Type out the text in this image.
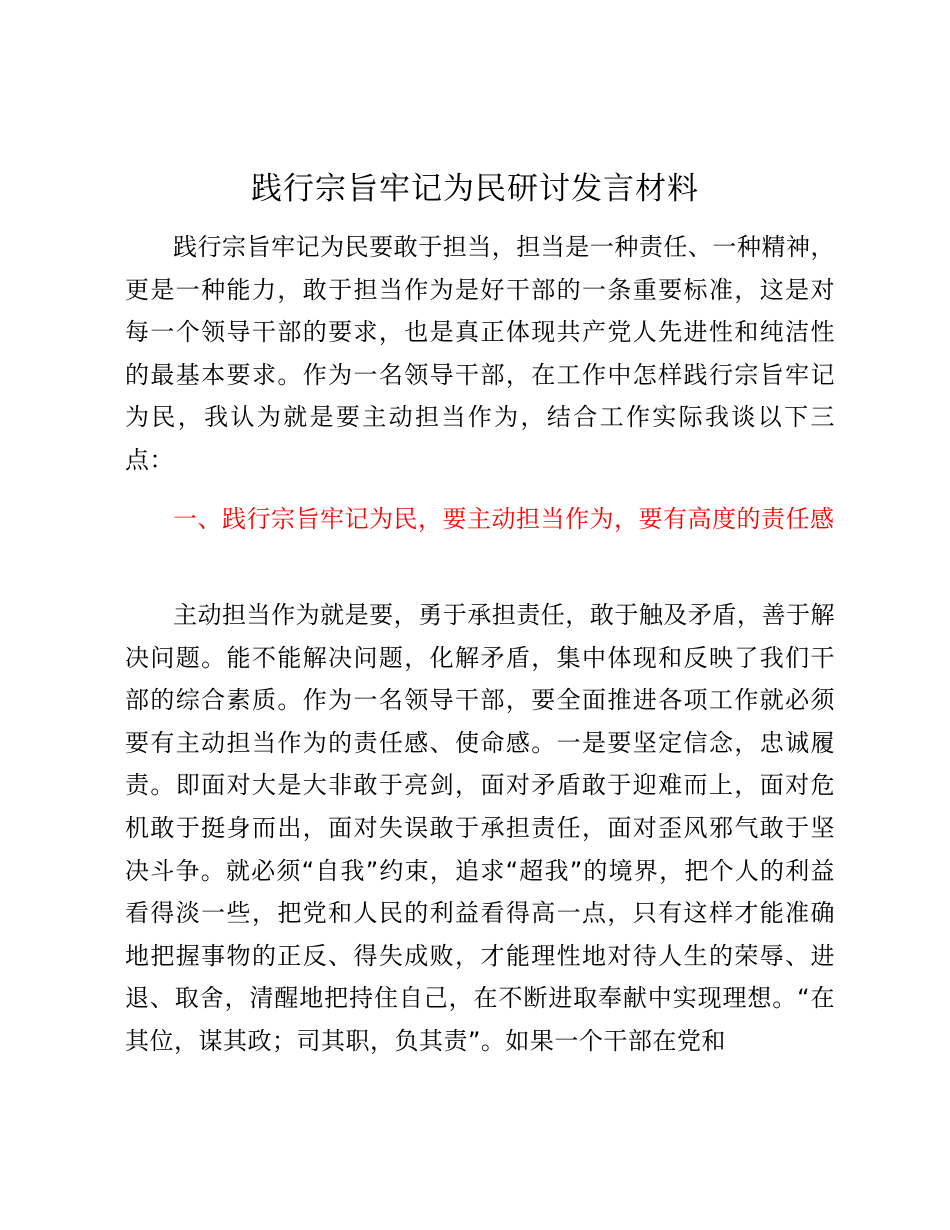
践行宗旨牢记为民研讨发言材料

践行宗旨牢记为民要敢于担当，担当是一种责任、一种精神，更是一种能力，敢于担当作为是好干部的一条重要标准，这是对每一个领导干部的要求，也是真正体现共产党人先进性和纯洁性的最基本要求。作为一名领导干部，在工作中怎样践行宗旨牢记为民，我认为就是要主动担当作为，结合工作实际我谈以下三点：

一、践行宗旨牢记为民，要主动担当作为，要有高度的责任感

主动担当作为就是要，勇于承担责任，敢于触及矛盾，善于解决问题。能不能解决问题，化解矛盾，集中体现和反映了我们干部的综合素质。作为一名领导干部，要全面推进各项工作就必须要有主动担当作为的责任感、使命感。一是要坚定信念，忠诚履责。即面对大是大非敢于亮剑，面对矛盾敢于迎难而上，面对危机敢于挺身而出，面对失误敢于承担责任，面对歪风邪气敢于坚决斗争。就必须“自我”约束，追求“超我”的境界，把个人的利益看得淡一些，把党和人民的利益看得高一点，只有这样才能准确地把握事物的正反、得失成败，才能理性地对待人生的荣辱、进退、取舍，清醒地把持住自己，在不断进取奉献中实现理想。“在其位，谋其政；司其职，负其责”。如果一个干部在党和
